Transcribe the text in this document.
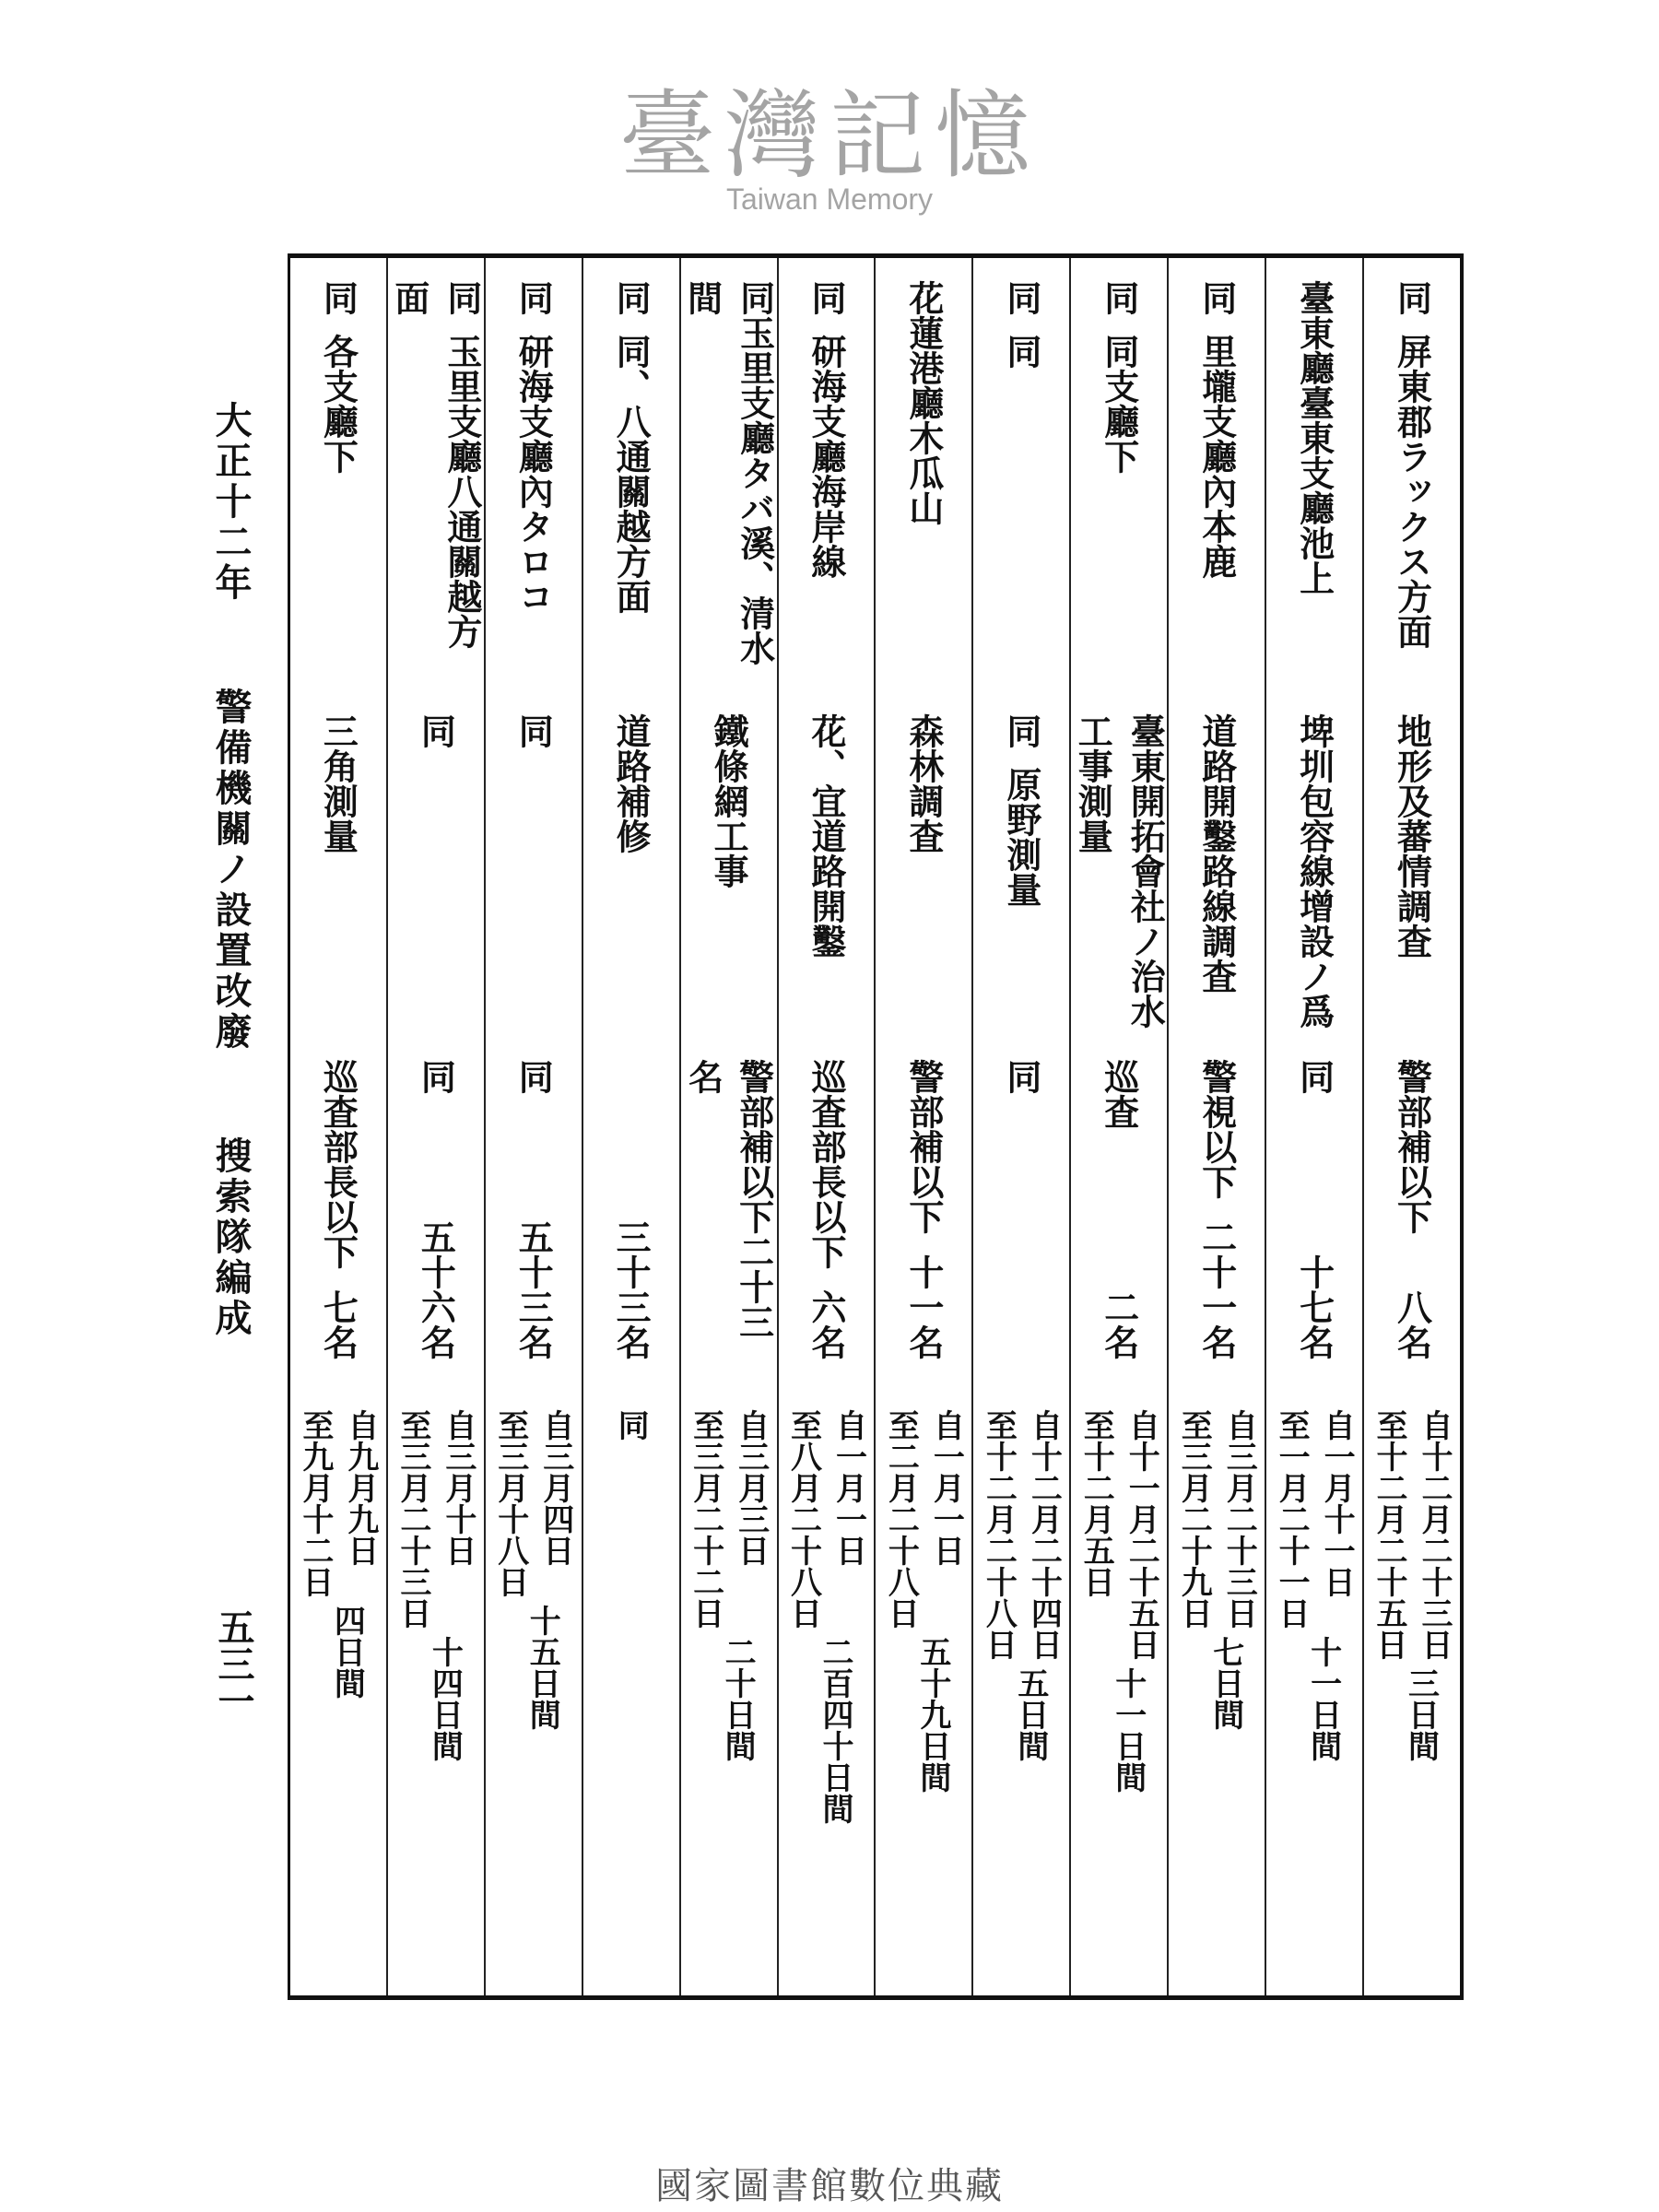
大正十二年 警備機關ノ設置改廢 搜索隊編成
五三一
同屏東郡ラックス方面
地形及蕃情調査
警部補以下
八名
自十二月二十三日
至十二月二十五日
三日間
臺東廳臺東支廳池上
埤圳包容線增設ノ爲
同
十七名
自一月十一日
至一月二十一日
十一日間
同里壠支廳內本鹿
道路開鑿路線調査
警視以下
二十一名
自三月二十三日
至三月二十九日
七日間
同同支廳下
臺東開拓會社ノ治水
工事測量
巡査
二名
自十一月二十五日
至十二月五日
十一日間
同同
同原野測量
同
自十二月二十四日
至十二月二十八日
五日間
花蓮港廳木瓜山
森林調査
警部補以下
十一名
自一月一日
至二月二十八日
五十九日間
同研海支廳海岸線
花、宜道路開鑿
巡査部長以下
六名
自一月一日
至八月二十八日
二百四十日間
同玉里支廳タバ溪、清水
間
鐵條網工事
警部補以下二十三名
自三月三日
至三月二十二日
二十日間
同同、八通關越方面
道路補修
三十三名
同
同研海支廳內タロコ
同
同
五十三名
自三月四日
至三月十八日
十五日間
同玉里支廳八通關越方
面
同
同
五十六名
自三月十日
至三月二十三日
十四日間
同各支廳下
三角測量
巡査部長以下
七名
自九月九日
至九月十二日
四日間
臺灣記憶
Taiwan Memory
國家圖書館數位典藏
